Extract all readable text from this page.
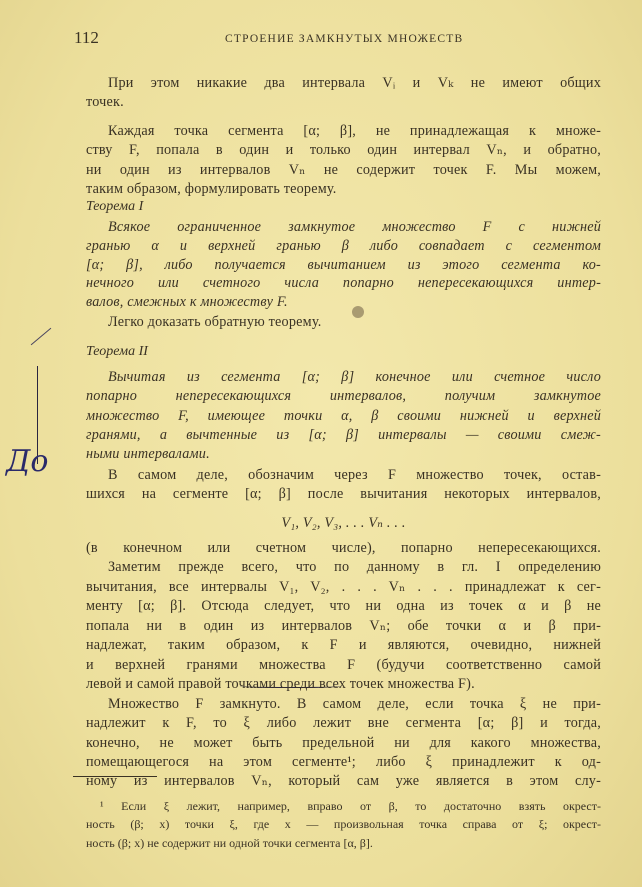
112	СТРОЕНИЕ ЗАМКНУТЫХ МНОЖЕСТВ
Теорема I
Теорема II
V₁, V₂, V₃, . . . Vₙ . . .
До
При этом никакие два интервала Vᵢ и Vₖ не имеют общих
точек.
Каждая точка сегмента [α; β], не принадлежащая к множе-
ству F, попала в один и только один интервал Vₙ, и обратно,
ни один из интервалов Vₙ не содержит точек F. Мы можем,
таким образом, формулировать теорему.
Всякое ограниченное замкнутое множество F с нижней
гранью α и верхней гранью β либо совпадает с сегментом
[α; β], либо получается вычитанием из этого сегмента ко-
нечного или счетного числа попарно непересекающихся интер-
валов, смежных к множеству F.
Легко доказать обратную теорему.
Вычитая из сегмента [α; β] конечное или счетное число
попарно непересекающихся интервалов, получим замкнутое
множество F, имеющее точки α, β своими нижней и верхней
гранями, а вычтенные из [α; β] интервалы — своими смеж-
ными интервалами.
В самом деле, обозначим через F множество точек, остав-
шихся на сегменте [α; β] после вычитания некоторых интервалов,
(в конечном или счетном числе), попарно непересекающихся.
Заметим прежде всего, что по данному в гл. I определению
вычитания, все интервалы V₁, V₂, . . . Vₙ . . . принадлежат к сег-
менту [α; β]. Отсюда следует, что ни одна из точек α и β не
попала ни в один из интервалов Vₙ; обе точки α и β при-
надлежат, таким образом, к F и являются, очевидно, нижней
и верхней гранями множества F (будучи соответственно самой
левой и самой правой точками среди всех точек множества F).
Множество F замкнуто. В самом деле, если точка ξ не при-
надлежит к F, то ξ либо лежит вне сегмента [α; β] и тогда,
конечно, не может быть предельной ни для какого множества,
помещающегося на этом сегменте¹; либо ξ принадлежит к од-
ному из интервалов Vₙ, который сам уже является в этом слу-
¹ Если ξ лежит, например, вправо от β, то достаточно взять окрест-
ность (β; x) точки ξ, где x — произвольная точка справа от ξ; окрест-
ность (β; x) не содержит ни одной точки сегмента [α, β].
